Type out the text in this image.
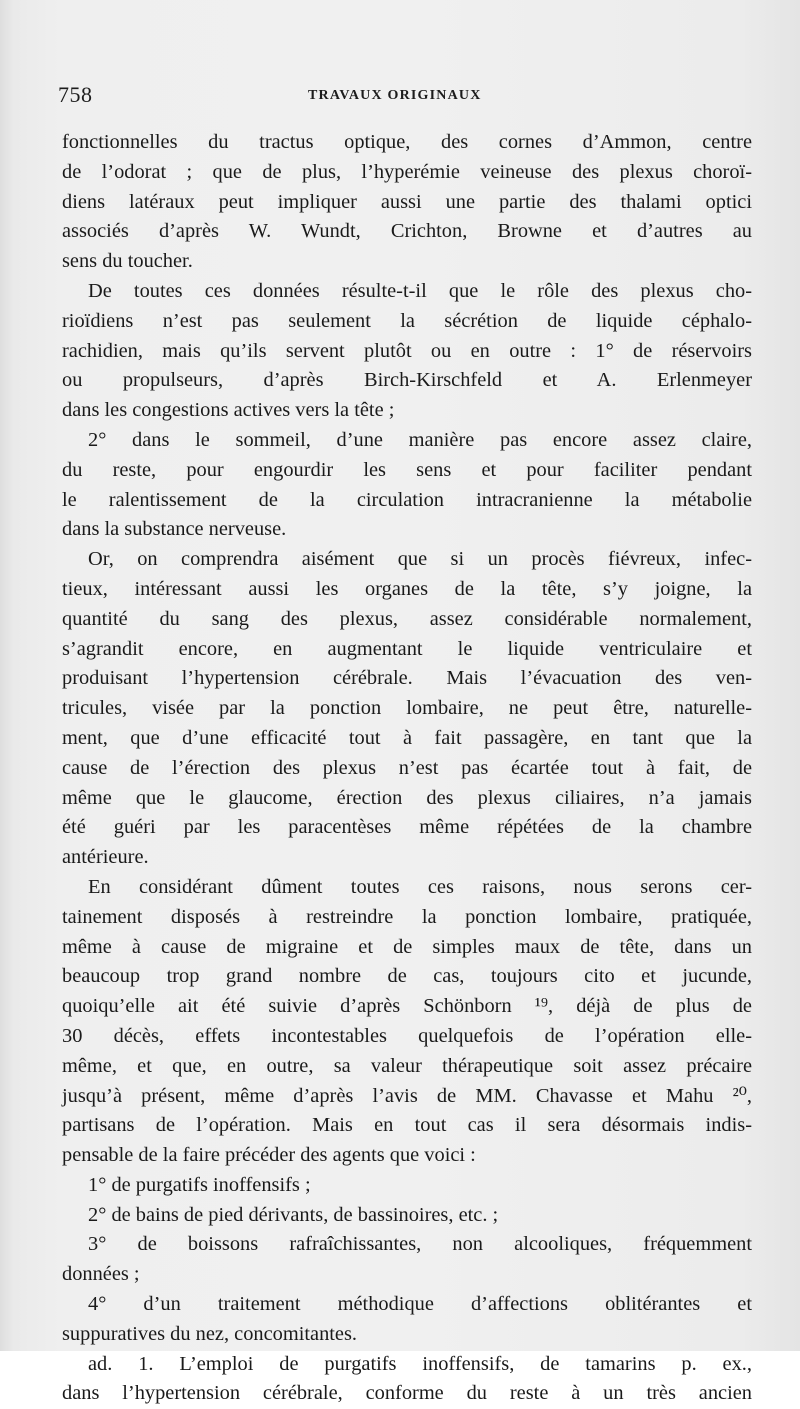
758	TRAVAUX ORIGINAUX
fonctionnelles du tractus optique, des cornes d’Ammon, centre
de l’odorat ; que de plus, l’hyperémie veineuse des plexus choroï-
diens latéraux peut impliquer aussi une partie des thalami optici
associés d’après W. Wundt, Crichton, Browne et d’autres au
sens du toucher.
De toutes ces données résulte-t-il que le rôle des plexus cho-
rioïdiens n’est pas seulement la sécrétion de liquide céphalo-
rachidien, mais qu’ils servent plutôt ou en outre : 1° de réservoirs
ou propulseurs, d’après Birch-Kirschfeld et A. Erlenmeyer
dans les congestions actives vers la tête ;
2° dans le sommeil, d’une manière pas encore assez claire,
du reste, pour engourdir les sens et pour faciliter pendant
le ralentissement de la circulation intracranienne la métabolie
dans la substance nerveuse.
Or, on comprendra aisément que si un procès fiévreux, infec-
tieux, intéressant aussi les organes de la tête, s’y joigne, la
quantité du sang des plexus, assez considérable normalement,
s’agrandit encore, en augmentant le liquide ventriculaire et
produisant l’hypertension cérébrale. Mais l’évacuation des ven-
tricules, visée par la ponction lombaire, ne peut être, naturelle-
ment, que d’une efficacité tout à fait passagère, en tant que la
cause de l’érection des plexus n’est pas écartée tout à fait, de
même que le glaucome, érection des plexus ciliaires, n’a jamais
été guéri par les paracentèses même répétées de la chambre
antérieure.
En considérant dûment toutes ces raisons, nous serons cer-
tainement disposés à restreindre la ponction lombaire, pratiquée,
même à cause de migraine et de simples maux de tête, dans un
beaucoup trop grand nombre de cas, toujours cito et jucunde,
quoiqu’elle ait été suivie d’après Schönborn ¹⁹, déjà de plus de
30 décès, effets incontestables quelquefois de l’opération elle-
même, et que, en outre, sa valeur thérapeutique soit assez précaire
jusqu’à présent, même d’après l’avis de MM. Chavasse et Mahu ²⁰,
partisans de l’opération. Mais en tout cas il sera désormais indis-
pensable de la faire précéder des agents que voici :
1° de purgatifs inoffensifs ;
2° de bains de pied dérivants, de bassinoires, etc. ;
3° de boissons rafraîchissantes, non alcooliques, fréquemment
données ;
4° d’un traitement méthodique d’affections oblitérantes et
suppuratives du nez, concomitantes.
ad. 1. L’emploi de purgatifs inoffensifs, de tamarins p. ex.,
dans l’hypertension cérébrale, conforme du reste à un très ancien
